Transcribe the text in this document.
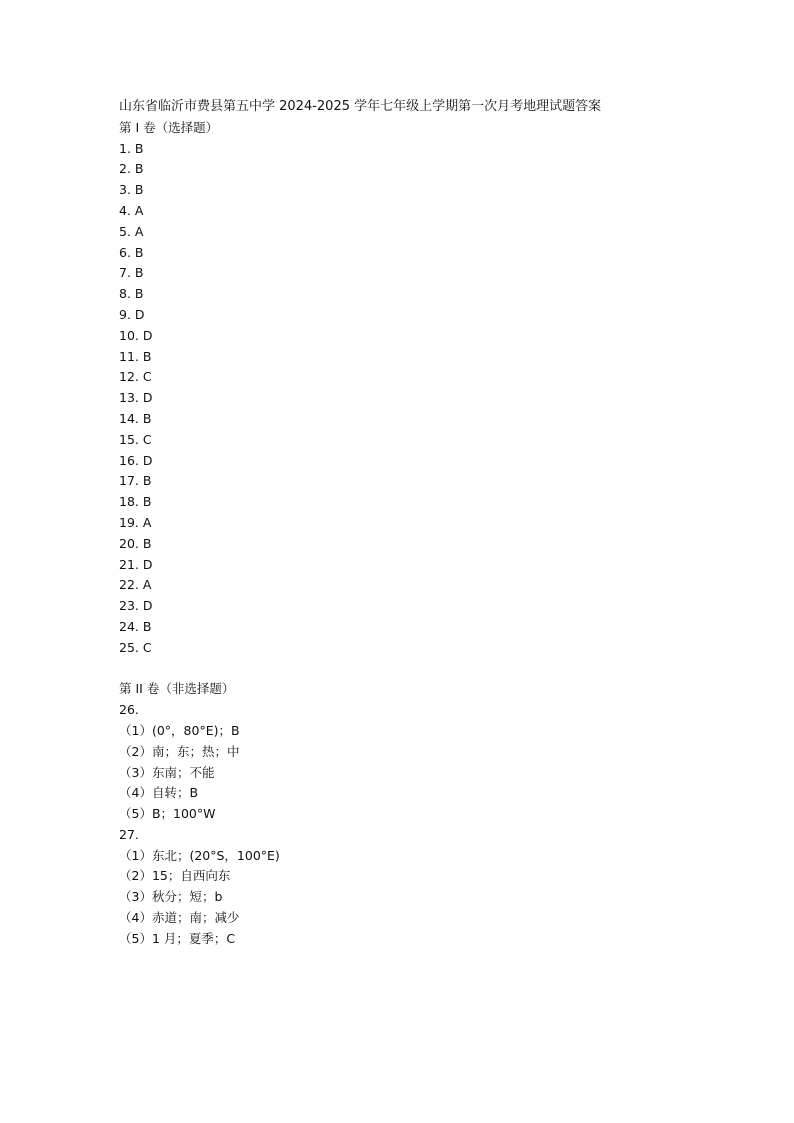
山东省临沂市费县第五中学 2024-2025 学年七年级上学期第一次月考地理试题答案
第 I 卷（选择题）
1. B
2. B
3. B
4. A
5. A
6. B
7. B
8. B
9. D
10. D
11. B
12. C
13. D
14. B
15. C
16. D
17. B
18. B
19. A
20. B
21. D
22. A
23. D
24. B
25. C
第 II 卷（非选择题）
26.
（1）(0°，80°E)；B
（2）南；东；热；中
（3）东南；不能
（4）自转；B
（5）B；100°W
27.
（1）东北；(20°S，100°E)
（2）15；自西向东
（3）秋分；短；b
（4）赤道；南；减少
（5）1 月；夏季；C
